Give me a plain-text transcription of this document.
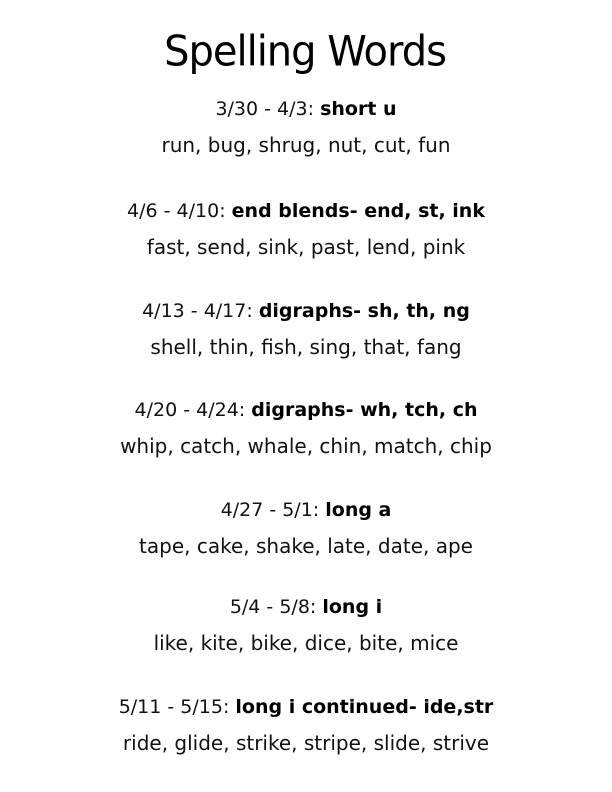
Spelling Words
3/30 - 4/3: short u
run, bug, shrug, nut, cut, fun
4/6 - 4/10: end blends- end, st, ink
fast, send, sink, past, lend, pink
4/13 - 4/17: digraphs- sh, th, ng
shell, thin, fish, sing, that, fang
4/20 - 4/24: digraphs- wh, tch, ch
whip, catch, whale, chin, match, chip
4/27 - 5/1: long a
tape, cake, shake, late, date, ape
5/4 - 5/8: long i
like, kite, bike, dice, bite, mice
5/11 - 5/15: long i continued- ide,str
ride, glide, strike, stripe, slide, strive
